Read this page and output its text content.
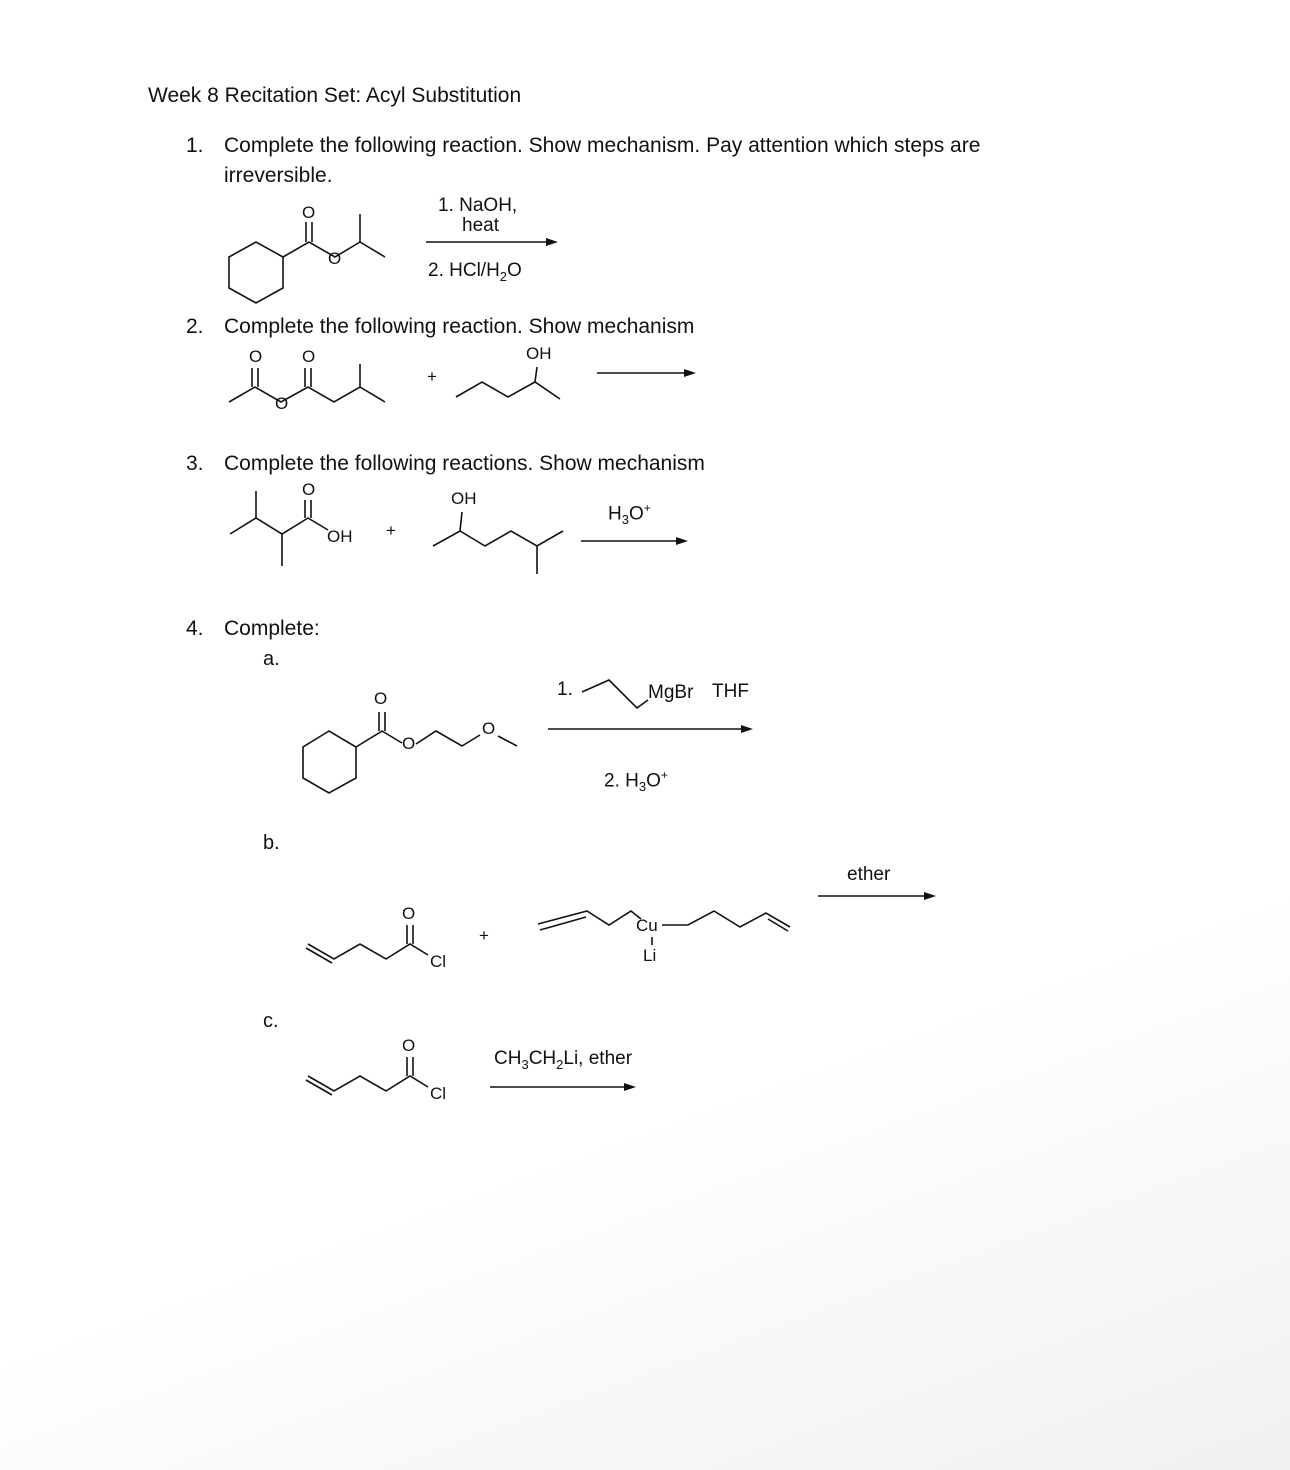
Week 8 Recitation Set: Acyl Substitution
1. Complete the following reaction. Show mechanism. Pay attention which steps are
irreversible.
2. Complete the following reaction. Show mechanism
3. Complete the following reactions. Show mechanism
4. Complete:
a.
b.
c.
O
O
1. NaOH,
heat
2. HCl/$H_2O$
O O
O
+
OH
O
OH +
OH
$H_3O^+$
O
O
O
1.	MgBr THF
2. $H_3O^+$
O
Cl
+
Cu
Li
ether
O
Cl
$CH_3CH_2Li$, ether
